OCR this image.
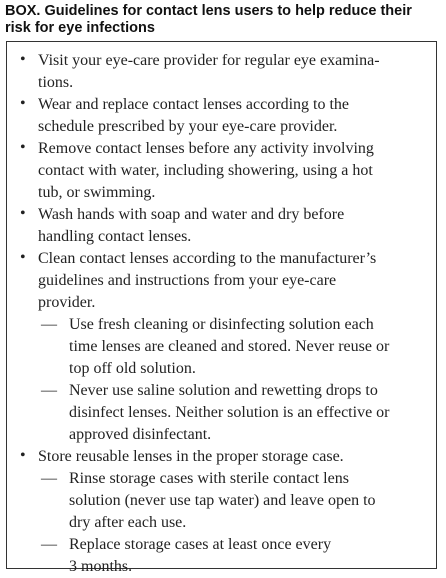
BOX. Guidelines for contact lens users to help reduce their
risk for eye infections
• Visit your eye-care provider for regular eye examina-
tions.
• Wear and replace contact lenses according to the
schedule prescribed by your eye-care provider.
• Remove contact lenses before any activity involving
contact with water, including showering, using a hot
tub, or swimming.
• Wash hands with soap and water and dry before
handling contact lenses.
• Clean contact lenses according to the manufacturer’s
guidelines and instructions from your eye-care
provider.
— Use fresh cleaning or disinfecting solution each
time lenses are cleaned and stored. Never reuse or
top off old solution.
— Never use saline solution and rewetting drops to
disinfect lenses. Neither solution is an effective or
approved disinfectant.
• Store reusable lenses in the proper storage case.
— Rinse storage cases with sterile contact lens
solution (never use tap water) and leave open to
dry after each use.
— Replace storage cases at least once every
3 months.
